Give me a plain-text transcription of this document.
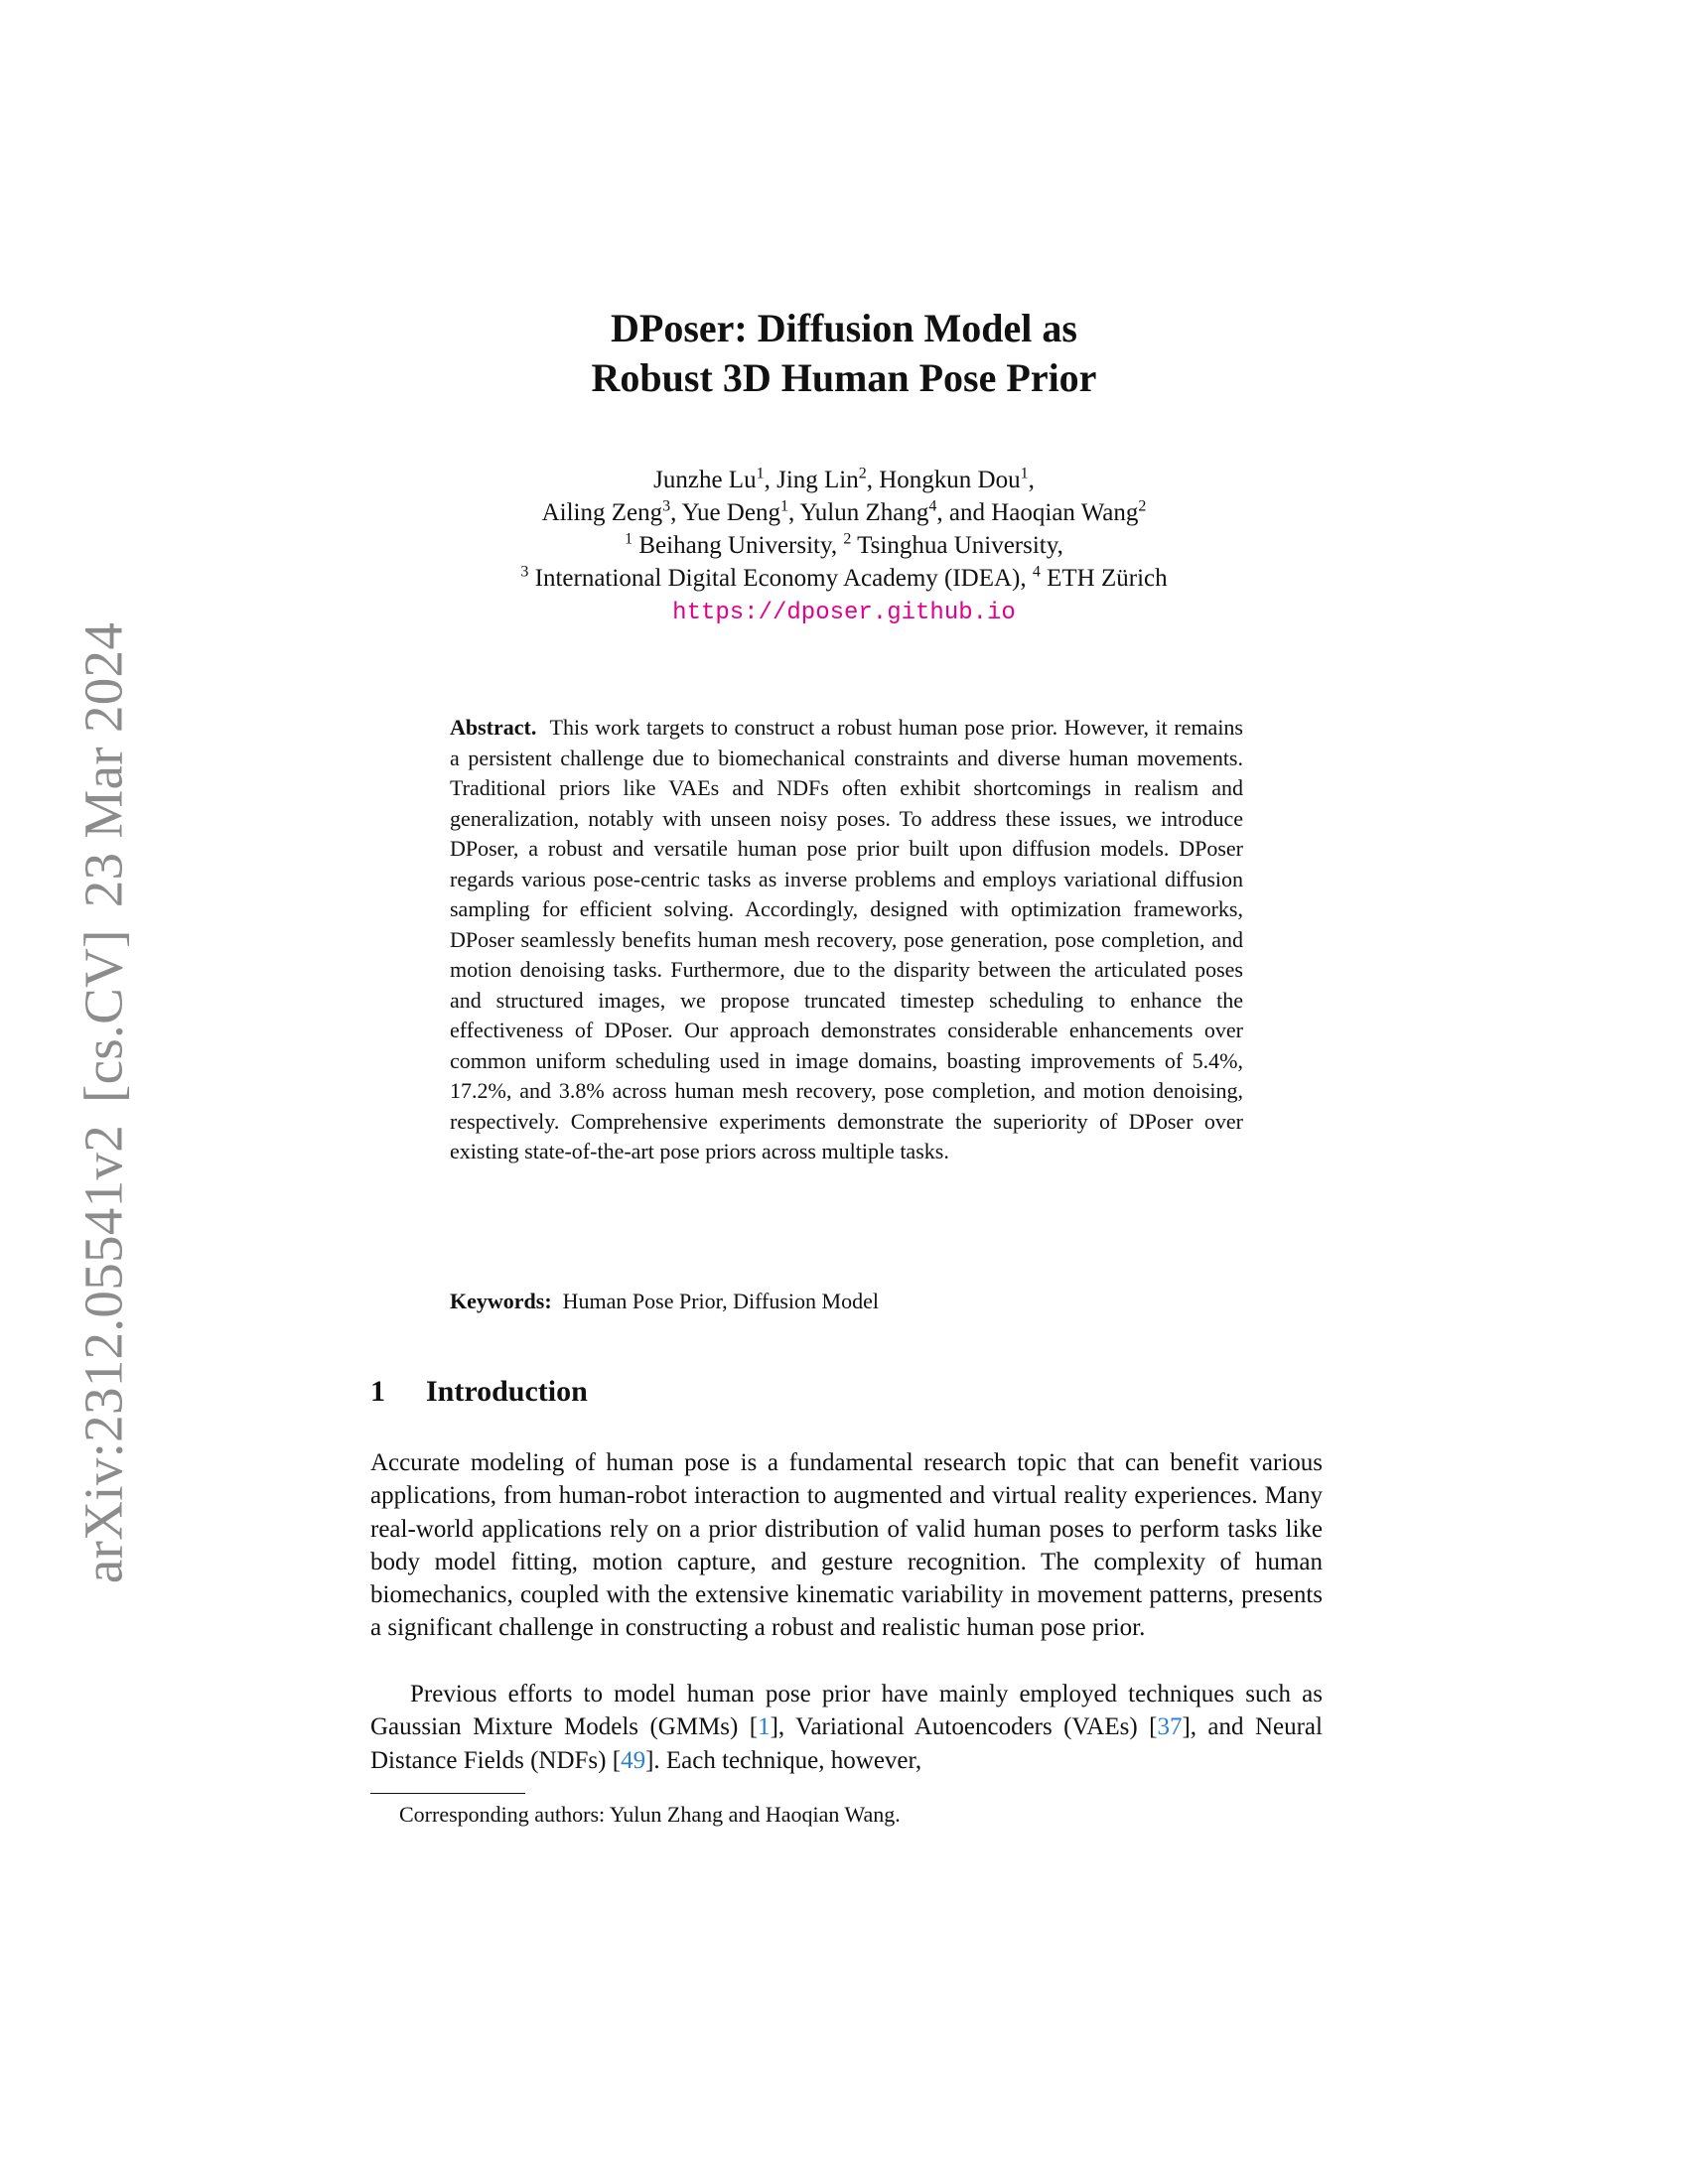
arXiv:2312.05541v2[cs.CV]23 Mar 2024
DPoser: Diffusion Model as
Robust 3D Human Pose Prior
Junzhe Lu$^1$, Jing Lin$^2$, Hongkun Dou$^1$,
Ailing Zeng$^3$, Yue Deng$^1$, Yulun Zhang$^4$, and Haoqian Wang$^2$
$^1$ Beihang University, $^2$ Tsinghua University,
$^3$ International Digital Economy Academy (IDEA), $^4$ ETH Zürich
https://dposer.github.io
Abstract. This work targets to construct a robust human pose prior. However, it remains a persistent challenge due to biomechanical constraints and diverse human movements. Traditional priors like VAEs and NDFs often exhibit shortcomings in realism and generalization, notably with unseen noisy poses. To address these issues, we introduce DPoser, a robust and versatile human pose prior built upon diffusion models. DPoser regards various pose-centric tasks as inverse problems and employs variational diffusion sampling for efficient solving. Accordingly, designed with optimization frameworks, DPoser seamlessly benefits human mesh recovery, pose generation, pose completion, and motion denoising tasks. Furthermore, due to the disparity between the articulated poses and structured images, we propose truncated timestep scheduling to enhance the effectiveness of DPoser. Our approach demonstrates considerable enhancements over common uniform scheduling used in image domains, boasting improvements of 5.4%, 17.2%, and 3.8% across human mesh recovery, pose completion, and motion denoising, respectively. Comprehensive experiments demonstrate the superiority of DPoser over existing state-of-the-art pose priors across multiple tasks.
Keywords: Human Pose Prior, Diffusion Model
1 Introduction
Accurate modeling of human pose is a fundamental research topic that can benefit various applications, from human-robot interaction to augmented and virtual reality experiences. Many real-world applications rely on a prior distribution of valid human poses to perform tasks like body model fitting, motion capture, and gesture recognition. The complexity of human biomechanics, coupled with the extensive kinematic variability in movement patterns, presents a significant challenge in constructing a robust and realistic human pose prior.
Previous efforts to model human pose prior have mainly employed techniques such as Gaussian Mixture Models (GMMs) [1], Variational Autoencoders (VAEs) [37], and Neural Distance Fields (NDFs) [49]. Each technique, however,
Corresponding authors: Yulun Zhang and Haoqian Wang.
